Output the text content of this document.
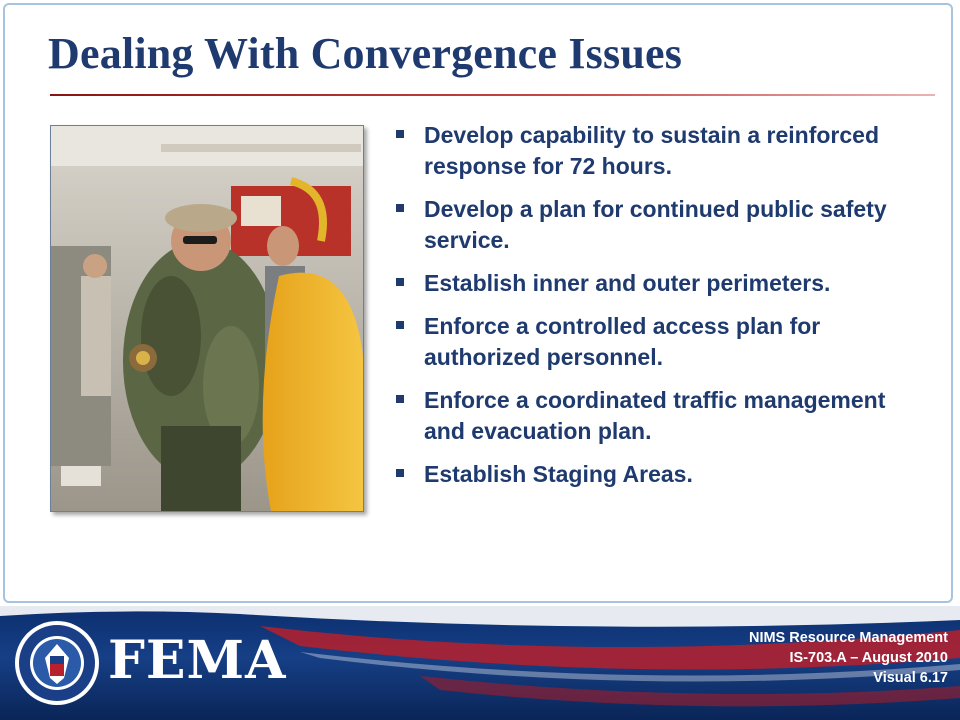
Dealing With Convergence Issues
Develop capability to sustain a reinforced response for 72 hours.
Develop a plan for continued public safety service.
Establish inner and outer perimeters.
Enforce a controlled access plan for authorized personnel.
Enforce a coordinated traffic management and evacuation plan.
Establish Staging Areas.
FEMA	NIMS Resource Management
IS-703.A – August 2010
Visual 6.17
